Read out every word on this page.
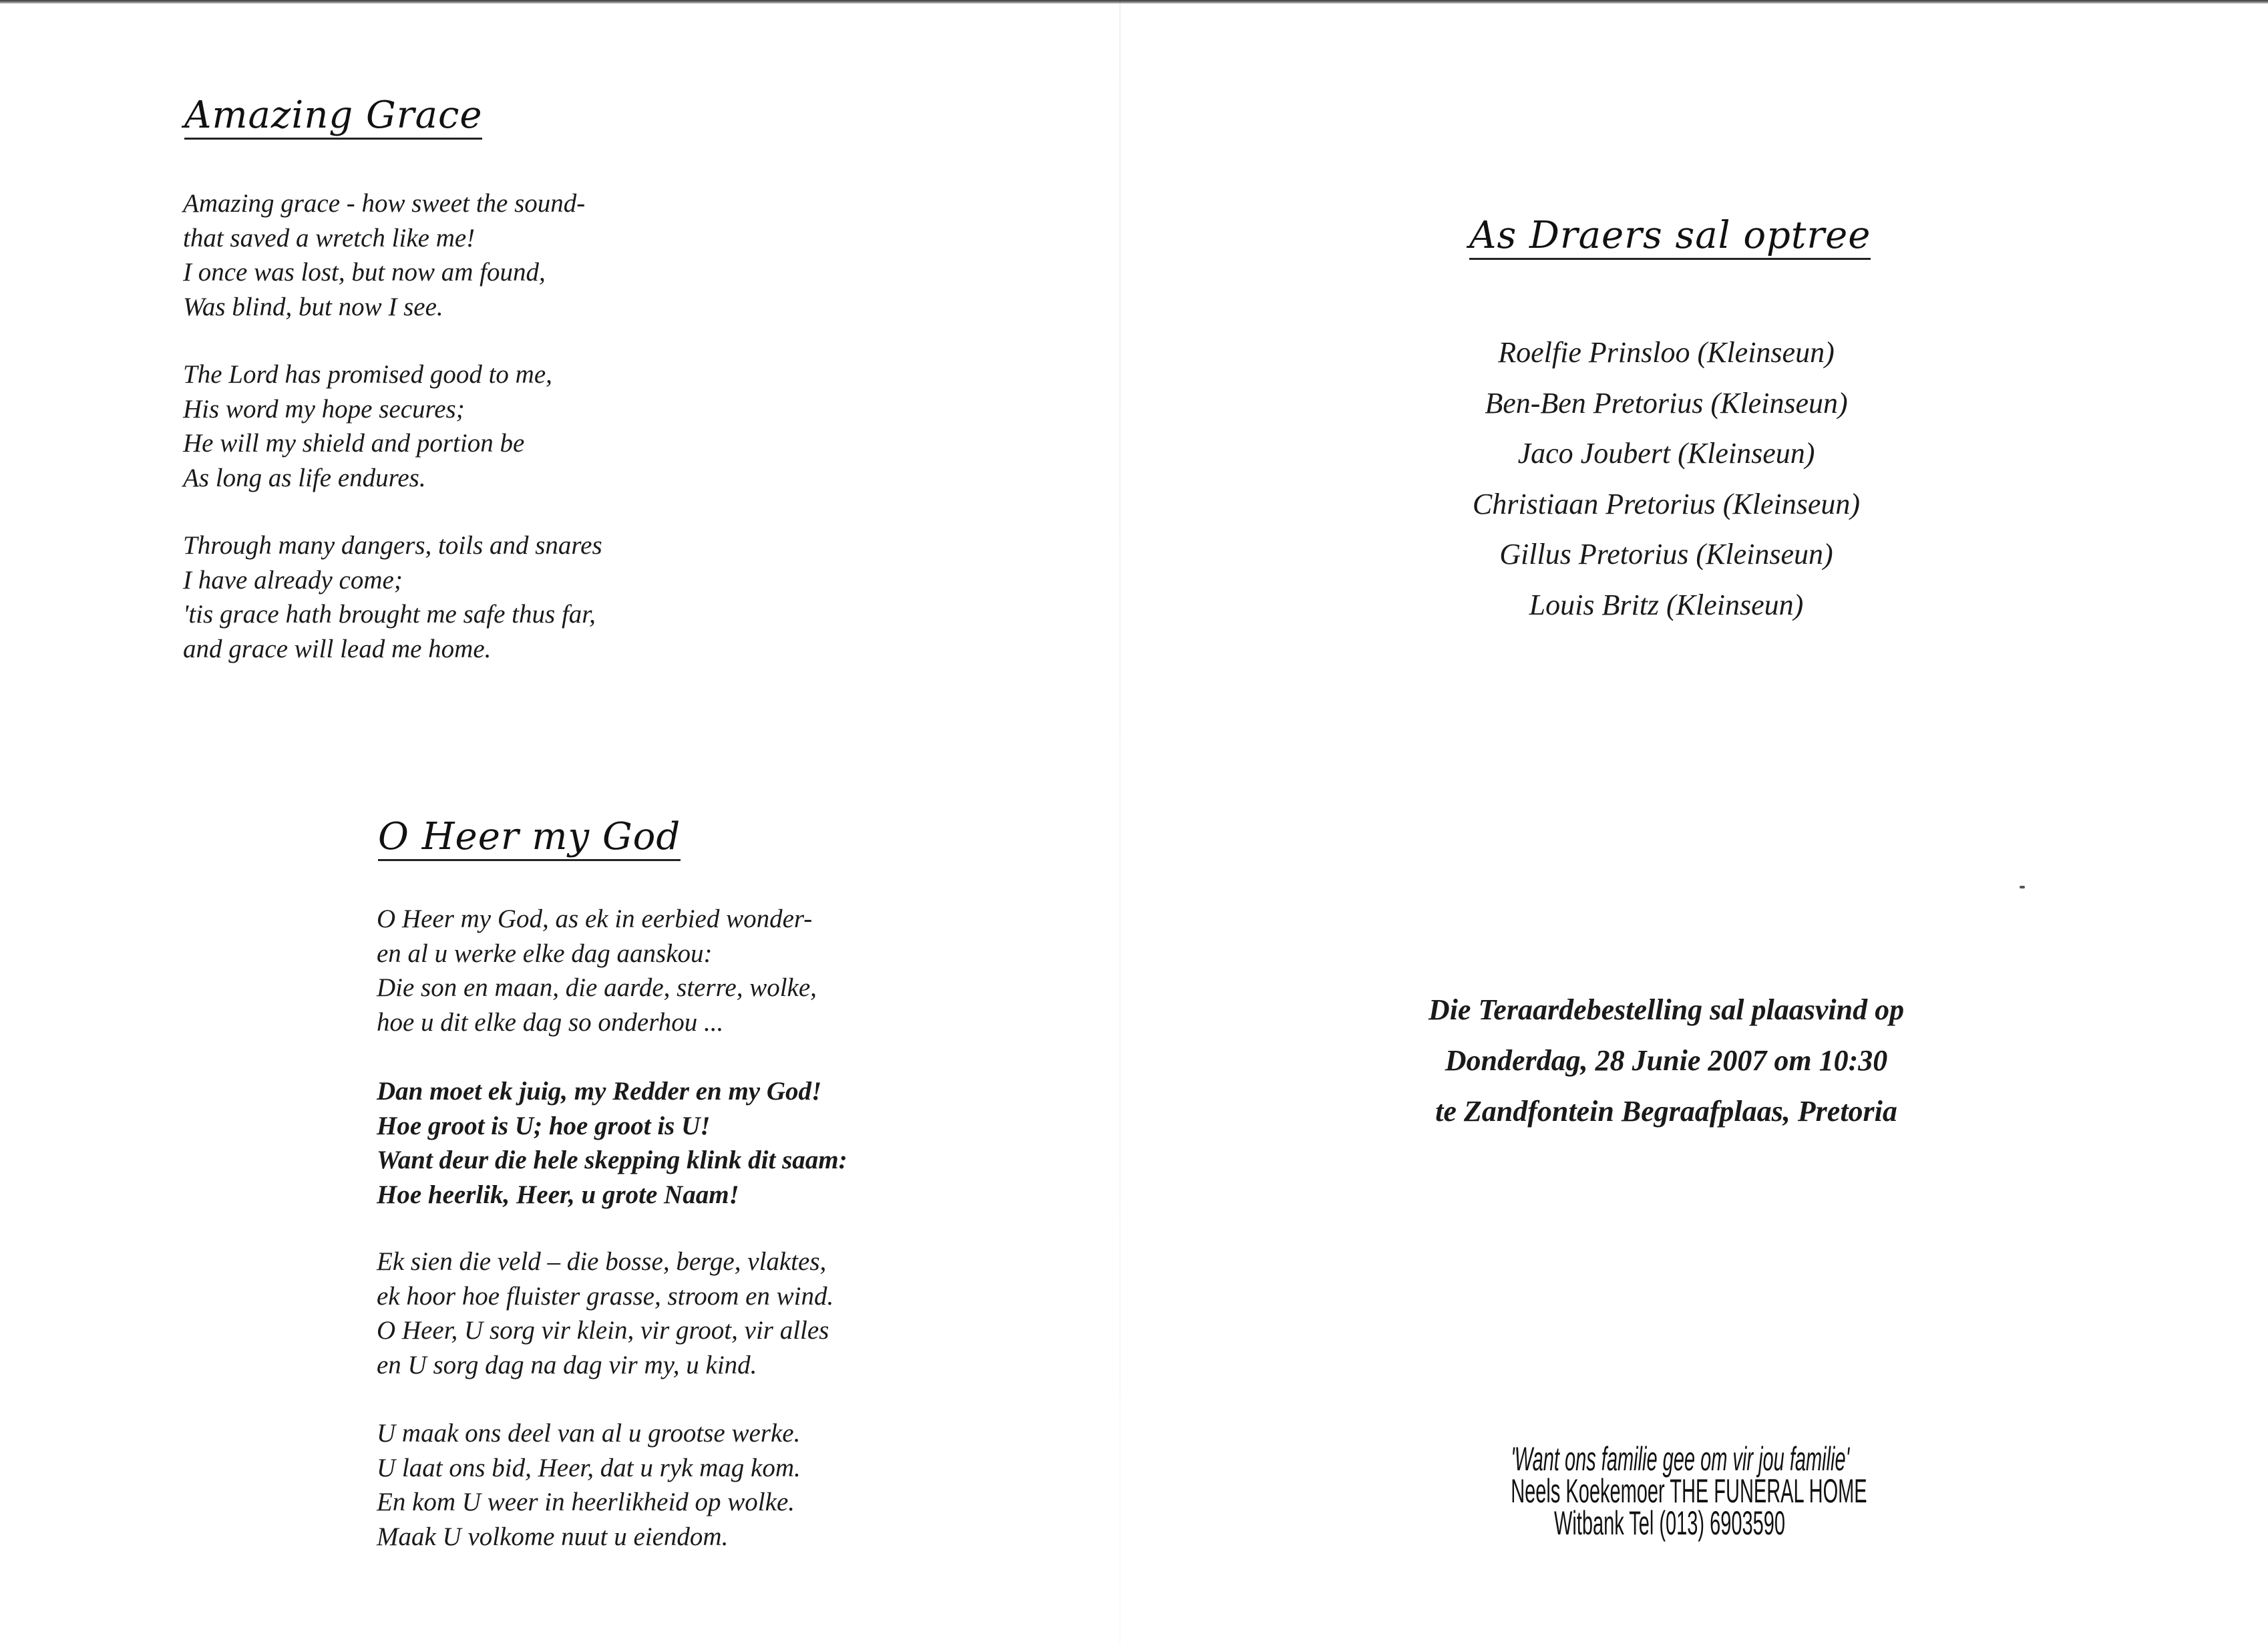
Amazing Grace
Amazing grace - how sweet the sound-
that saved a wretch like me!
I once was lost, but now am found,
Was blind, but now I see.
The Lord has promised good to me,
His word my hope secures;
He will my shield and portion be
As long as life endures.
Through many dangers, toils and snares
I have already come;
'tis grace hath brought me safe thus far,
and grace will lead me home.
O Heer my God
O Heer my God, as ek in eerbied wonder-
en al u werke elke dag aanskou:
Die son en maan, die aarde, sterre, wolke,
hoe u dit elke dag so onderhou ...
Dan moet ek juig, my Redder en my God!
Hoe groot is U; hoe groot is U!
Want deur die hele skepping klink dit saam:
Hoe heerlik, Heer, u grote Naam!
Ek sien die veld – die bosse, berge, vlaktes,
ek hoor hoe fluister grasse, stroom en wind.
O Heer, U sorg vir klein, vir groot, vir alles
en U sorg dag na dag vir my, u kind.
U maak ons deel van al u grootse werke.
U laat ons bid, Heer, dat u ryk mag kom.
En kom U weer in heerlikheid op wolke.
Maak U volkome nuut u eiendom.
As Draers sal optree
Roelfie Prinsloo (Kleinseun)
Ben-Ben Pretorius (Kleinseun)
Jaco Joubert (Kleinseun)
Christiaan Pretorius (Kleinseun)
Gillus Pretorius (Kleinseun)
Louis Britz (Kleinseun)
Die Teraardebestelling sal plaasvind op
Donderdag, 28 Junie 2007 om 10:30
te Zandfontein Begraafplaas, Pretoria
'Want ons familie gee om vir jou familie'
Neels Koekemoer THE FUNERAL HOME
Witbank Tel (013) 6903590
